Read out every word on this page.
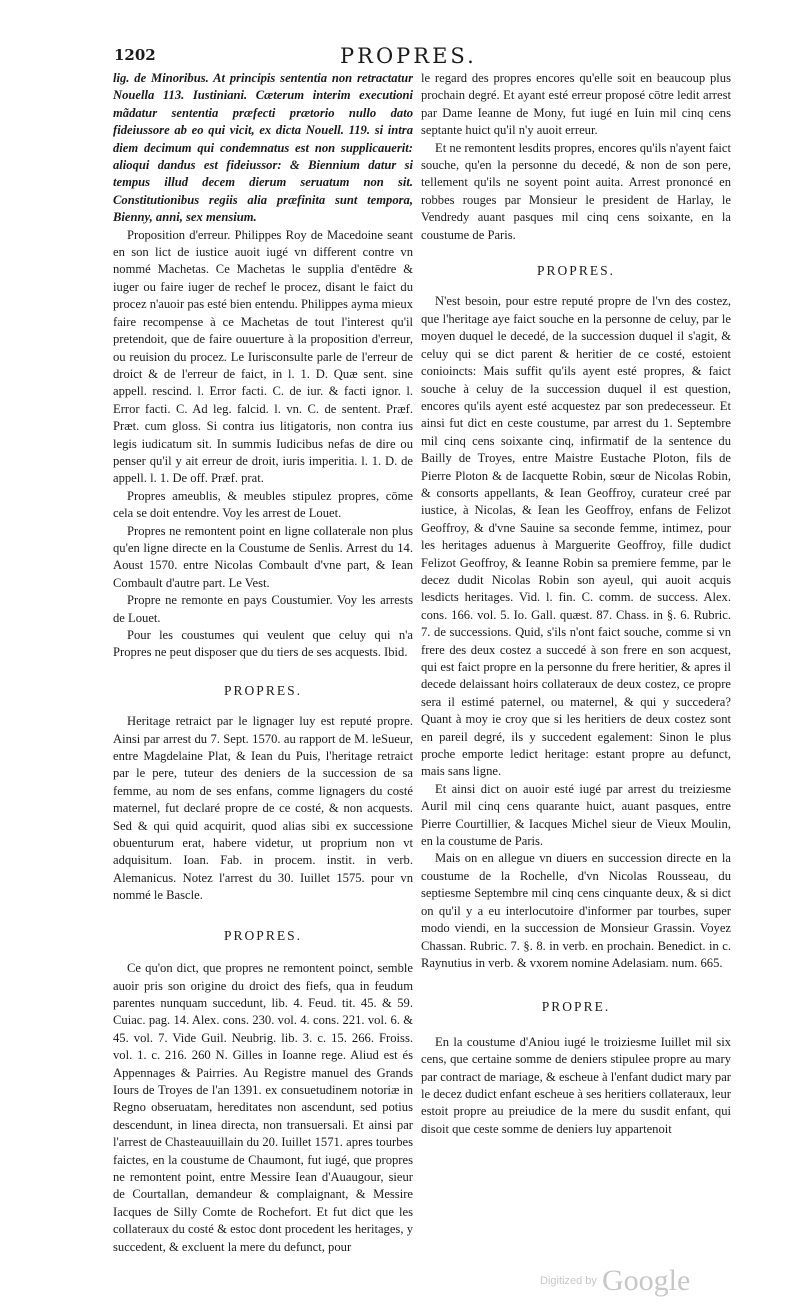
1202	PROPRES.

lig. de Minoribus. At principis sententia non retractatur Nouella 113. Iustiniani. Cæterum interim executioni mãdatur sententia præfecti prætorio nullo dato fideiussore ab eo qui vicit, ex dicta Nouell. 119. si intra diem decimum qui condemnatus est non supplicauerit: alioqui dandus est fideiussor: & Biennium datur si tempus illud decem dierum seruatum non sit. Constitutionibus regiis alia præfinita sunt tempora, Bienny, anni, sex mensium.

Proposition d'erreur. Philippes Roy de Macedoine seant en son lict de iustice auoit iugé vn different contre vn nommé Machetas. Ce Machetas le supplia d'entēdre & iuger ou faire iuger de rechef le procez, disant le faict du procez n'auoir pas esté bien entendu. Philippes ayma mieux faire recompense à ce Machetas de tout l'interest qu'il pretendoit, que de faire ouuerture à la proposition d'erreur, ou reuision du procez. Le Iurisconsulte parle de l'erreur de droict & de l'erreur de faict, in l. 1. D. Quæ sent. sine appell. rescind. l. Error facti. C. de iur. & facti ignor. l. Error facti. C. Ad leg. falcid. l. vn. C. de sentent. Præf. Præt. cum gloss. Si contra ius litigatoris, non contra ius legis iudicatum sit. In summis Iudicibus nefas de dire ou penser qu'il y ait erreur de droit, iuris imperitia. l. 1. D. de appell. l. 1. De off. Præf. prat.

Propres ameublis, & meubles stipulez propres, cōme cela se doit entendre. Voy les arrest de Louet.

Propres ne remontent point en ligne collaterale non plus qu'en ligne directe en la Coustume de Senlis. Arrest du 14. Aoust 1570. entre Nicolas Combault d'vne part, & Iean Combault d'autre part. Le Vest.

Propre ne remonte en pays Coustumier. Voy les arrests de Louet.

Pour les coustumes qui veulent que celuy qui n'a Propres ne peut disposer que du tiers de ses acquests. Ibid.

PROPRES.

Heritage retraict par le lignager luy est reputé propre. Ainsi par arrest du 7. Sept. 1570. au rapport de M. leSueur, entre Magdelaine Plat, & Iean du Puis, l'heritage retraict par le pere, tuteur des deniers de la succession de sa femme, au nom de ses enfans, comme lignagers du costé maternel, fut declaré propre de ce costé, & non acquests. Sed & qui quid acquirit, quod alias sibi ex successione obuenturum erat, habere videtur, ut proprium non vt adquisitum. Ioan. Fab. in procem. instit. in verb. Alemanicus. Notez l'arrest du 30. Iuillet 1575. pour vn nommé le Bascle.

PROPRES.

Ce qu'on dict, que propres ne remontent poinct, semble auoir pris son origine du droict des fiefs, qua in feudum parentes nunquam succedunt, lib. 4. Feud. tit. 45. & 59. Cuiac. pag. 14. Alex. cons. 230. vol. 4. cons. 221. vol. 6. & 45. vol. 7. Vide Guil. Neubrig. lib. 3. c. 15. 266. Froiss. vol. 1. c. 216. 260 N. Gilles in Ioanne rege. Aliud est és Appennages & Pairries. Au Registre manuel des Grands Iours de Troyes de l'an 1391. ex consuetudinem notoriæ in Regno obseruatam, hereditates non ascendunt, sed potius descendunt, in linea directa, non transuersali. Et ainsi par l'arrest de Chasteauuillain du 20. Iuillet 1571. apres tourbes faictes, en la coustume de Chaumont, fut iugé, que propres ne remontent point, entre Messire Iean d'Auaugour, sieur de Courtallan, demandeur & complaignant, & Messire Iacques de Silly Comte de Rochefort. Et fut dict que les collateraux du costé & estoc dont procedent les heritages, y succedent, & excluent la mere du defunct, pour

le regard des propres encores qu'elle soit en beaucoup plus prochain degré. Et ayant esté erreur proposé cōtre ledit arrest par Dame Ieanne de Mony, fut iugé en Iuin mil cinq cens septante huict qu'il n'y auoit erreur.

Et ne remontent lesdits propres, encores qu'ils n'ayent faict souche, qu'en la personne du decedé, & non de son pere, tellement qu'ils ne soyent point auita. Arrest prononcé en robbes rouges par Monsieur le president de Harlay, le Vendredy auant pasques mil cinq cens soixante, en la coustume de Paris.

PROPRES.

N'est besoin, pour estre reputé propre de l'vn des costez, que l'heritage aye faict souche en la personne de celuy, par le moyen duquel le decedé, de la succession duquel il s'agit, & celuy qui se dict parent & heritier de ce costé, estoient conioincts: Mais suffit qu'ils ayent esté propres, & faict souche à celuy de la succession duquel il est question, encores qu'ils ayent esté acquestez par son predecesseur. Et ainsi fut dict en ceste coustume, par arrest du 1. Septembre mil cinq cens soixante cinq, infirmatif de la sentence du Bailly de Troyes, entre Maistre Eustache Ploton, fils de Pierre Ploton & de Iacquette Robin, sœur de Nicolas Robin, & consorts appellants, & Iean Geoffroy, curateur creé par iustice, à Nicolas, & Iean les Geoffroy, enfans de Felizot Geoffroy, & d'vne Sauine sa seconde femme, intimez, pour les heritages aduenus à Marguerite Geoffroy, fille dudict Felizot Geoffroy, & Ieanne Robin sa premiere femme, par le decez dudit Nicolas Robin son ayeul, qui auoit acquis lesdicts heritages. Vid. l. fin. C. comm. de success. Alex. cons. 166. vol. 5. Io. Gall. quæst. 87. Chass. in §. 6. Rubric. 7. de successions. Quid, s'ils n'ont faict souche, comme si vn frere des deux costez a succedé à son frere en son acquest, qui est faict propre en la personne du frere heritier, & apres il decede delaissant hoirs collateraux de deux costez, ce propre sera il estimé paternel, ou maternel, & qui y succedera? Quant à moy ie croy que si les heritiers de deux costez sont en pareil degré, ils y succedent egalement: Sinon le plus proche emporte ledict heritage: estant propre au defunct, mais sans ligne.

Et ainsi dict on auoir esté iugé par arrest du treiziesme Auril mil cinq cens quarante huict, auant pasques, entre Pierre Courtillier, & Iacques Michel sieur de Vieux Moulin, en la coustume de Paris.

Mais on en allegue vn diuers en succession directe en la coustume de la Rochelle, d'vn Nicolas Rousseau, du septiesme Septembre mil cinq cens cinquante deux, & si dict on qu'il y a eu interlocutoire d'informer par tourbes, super modo viendi, en la succession de Monsieur Grassin. Voyez Chassan. Rubric. 7. §. 8. in verb. en prochain. Benedict. in c. Raynutius in verb. & vxorem nomine Adelasiam. num. 665.

PROPRE.

En la coustume d'Aniou iugé le troiziesme Iuillet mil six cens, que certaine somme de deniers stipulee propre au mary par contract de mariage, & escheue à l'enfant dudict mary par le decez dudict enfant escheue à ses heritiers collateraux, leur estoit propre au preiudice de la mere du susdit enfant, qui disoit que ceste somme de deniers luy appartenoit

Digitized by Google
